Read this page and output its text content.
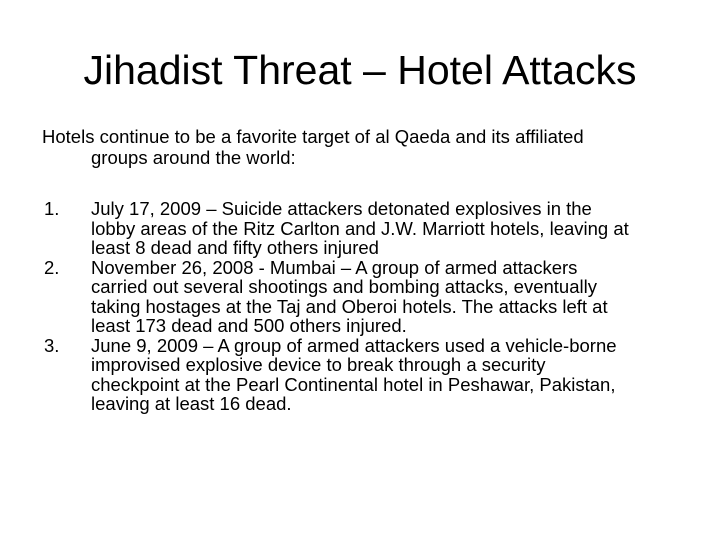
Jihadist Threat – Hotel Attacks
Hotels continue to be a favorite target of al Qaeda and its affiliated
groups around the world:
1. July 17, 2009 – Suicide attackers detonated explosives in the
lobby areas of the Ritz Carlton and J.W. Marriott hotels, leaving at
least 8 dead and fifty others injured
2. November 26, 2008 - Mumbai – A group of armed attackers
carried out several shootings and bombing attacks, eventually
taking hostages at the Taj and Oberoi hotels. The attacks left at
least 173 dead and 500 others injured.
3. June 9, 2009 – A group of armed attackers used a vehicle-borne
improvised explosive device to break through a security
checkpoint at the Pearl Continental hotel in Peshawar, Pakistan,
leaving at least 16 dead.
